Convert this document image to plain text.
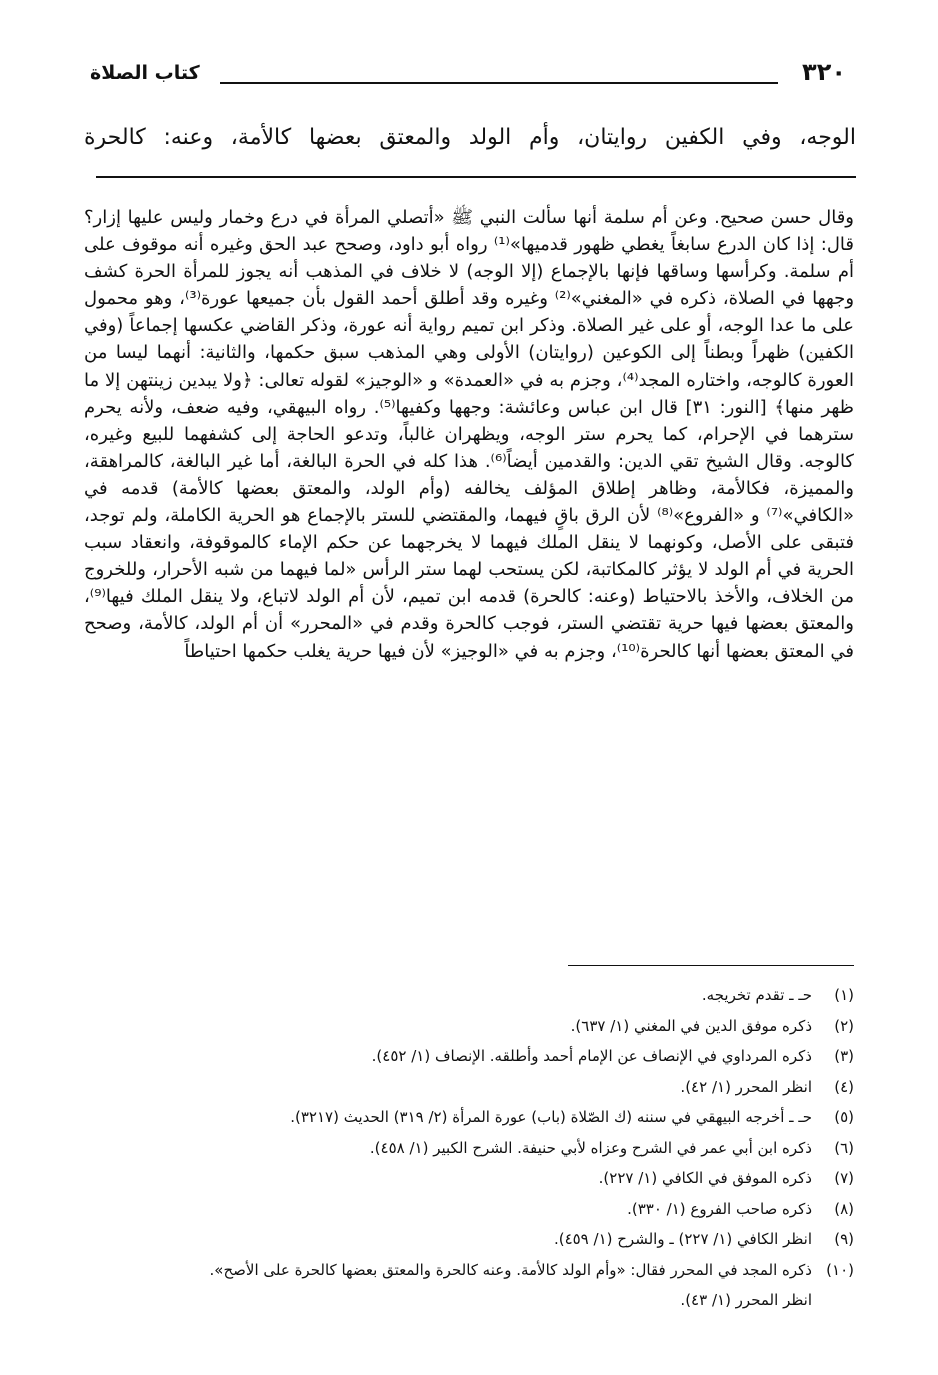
٣٢٠
كتاب الصلاة
الوجه، وفي الكفين روايتان، وأم الولد والمعتق بعضها كالأمة، وعنه: كالحرة

وقال حسن صحيح. وعن أم سلمة أنها سألت النبي ﷺ «أتصلي المرأة في درع وخمار وليس عليها إزار؟ قال: إذا كان الدرع سابغاً يغطي ظهور قدميها»⁽¹⁾ رواه أبو داود، وصحح عبد الحق وغيره أنه موقوف على أم سلمة. وكرأسها وساقها فإنها بالإجماع (إلا الوجه) لا خلاف في المذهب أنه يجوز للمرأة الحرة كشف وجهها في الصلاة، ذكره في «المغني»⁽²⁾ وغيره وقد أطلق أحمد القول بأن جميعها عورة⁽³⁾، وهو محمول على ما عدا الوجه، أو على غير الصلاة. وذكر ابن تميم رواية أنه عورة، وذكر القاضي عكسها إجماعاً (وفي الكفين) ظهراً وبطناً إلى الكوعين (روايتان) الأولى وهي المذهب سبق حكمها، والثانية: أنهما ليسا من العورة كالوجه، واختاره المجد⁽⁴⁾، وجزم به في «العمدة» و «الوجيز» لقوله تعالى: ﴿ولا يبدين زينتهن إلا ما ظهر منها﴾ [النور: ٣١] قال ابن عباس وعائشة: وجهها وكفيها⁽⁵⁾. رواه البيهقي، وفيه ضعف، ولأنه يحرم سترهما في الإحرام، كما يحرم ستر الوجه، ويظهران غالباً، وتدعو الحاجة إلى كشفهما للبيع وغيره، كالوجه. وقال الشيخ تقي الدين: والقدمين أيضاً⁽⁶⁾. هذا كله في الحرة البالغة، أما غير البالغة، كالمراهقة، والمميزة، فكالأمة، وظاهر إطلاق المؤلف يخالفه (وأم الولد، والمعتق بعضها كالأمة) قدمه في «الكافي»⁽⁷⁾ و «الفروع»⁽⁸⁾ لأن الرق باقٍ فيهما، والمقتضي للستر بالإجماع هو الحرية الكاملة، ولم توجد، فتبقى على الأصل، وكونهما لا ينقل الملك فيهما لا يخرجهما عن حكم الإماء كالموقوفة، وانعقاد سبب الحرية في أم الولد لا يؤثر كالمكاتبة، لكن يستحب لهما ستر الرأس «لما فيهما من شبه الأحرار، وللخروج من الخلاف، والأخذ بالاحتياط (وعنه: كالحرة) قدمه ابن تميم، لأن أم الولد لاتباع، ولا ينقل الملك فيها⁽⁹⁾، والمعتق بعضها فيها حرية تقتضي الستر، فوجب كالحرة وقدم في «المحرر» أن أم الولد، كالأمة، وصحح في المعتق بعضها أنها كالحرة⁽¹⁰⁾، وجزم به في «الوجيز» لأن فيها حرية يغلب حكمها احتياطاً

(١)
حـ ـ تقدم تخريجه.
(٢)
ذكره موفق الدين في المغني (١/ ٦٣٧).
(٣)
ذكره المرداوي في الإنصاف عن الإمام أحمد وأطلقه. الإنصاف (١/ ٤٥٢).
(٤)
انظر المحرر (١/ ٤٢).
(٥)
حـ ـ أخرجه البيهقي في سننه (ك الصّلاة (باب) عورة المرأة (٢/ ٣١٩) الحديث (٣٢١٧).
(٦)
ذكره ابن أبي عمر في الشرح وعزاه لأبي حنيفة. الشرح الكبير (١/ ٤٥٨).
(٧)
ذكره الموفق في الكافي (١/ ٢٢٧).
(٨)
ذكره صاحب الفروع (١/ ٣٣٠).
(٩)
انظر الكافي (١/ ٢٢٧) ـ والشرح (١/ ٤٥٩).
(١٠)
ذكره المجد في المحرر فقال: «وأم الولد كالأمة. وعنه كالحرة والمعتق بعضها كالحرة على الأصح».
انظر المحرر (١/ ٤٣).
